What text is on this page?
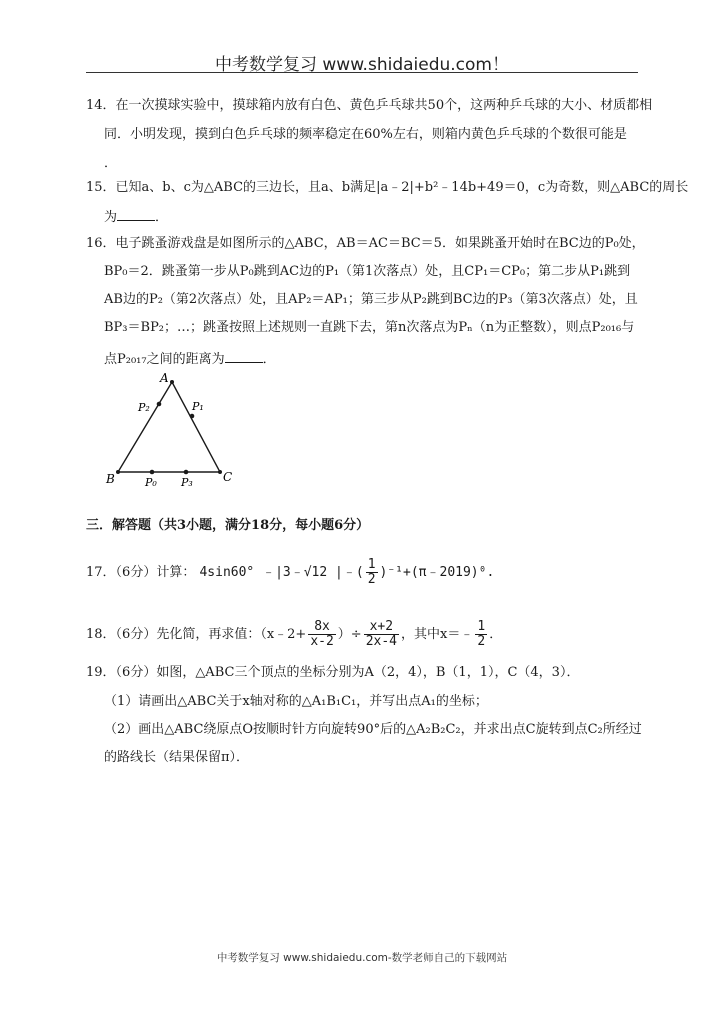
中考数学复习 www.shidaiedu.com！
14．在一次摸球实验中，摸球箱内放有白色、黄色乒乓球共50个，这两种乒乓球的大小、材质都相
同．小明发现，摸到白色乒乓球的频率稳定在60%左右，则箱内黄色乒乓球的个数很可能是
．
15．已知a、b、c为△ABC的三边长，且a、b满足|a﹣2|+b²﹣14b+49＝0，c为奇数，则△ABC的周长
为	．
16．电子跳蚤游戏盘是如图所示的△ABC，AB＝AC＝BC＝5．如果跳蚤开始时在BC边的P₀处，
BP₀＝2．跳蚤第一步从P₀跳到AC边的P₁（第1次落点）处，且CP₁＝CP₀；第二步从P₁跳到
AB边的P₂（第2次落点）处，且AP₂＝AP₁；第三步从P₂跳到BC边的P₃（第3次落点）处，且
BP₃＝BP₂；…；跳蚤按照上述规则一直跳下去，第n次落点为Pₙ（n为正整数），则点P₂₀₁₆与
点P₂₀₁₇之间的距离为	．
A
B	C
P₀ P₃
P₁
P₂
三．解答题（共3小题，满分18分，每小题6分）
17．（6分）计算： 4sin60° ﹣|3﹣√12 |﹣( $\frac{1}{2}$ )⁻¹+(π﹣2019)⁰.
18．（6分）先化简，再求值：（x﹣2+ $\frac{8x}{x-2}$ ）÷ $\frac{x+2}{2x-4}$ ，其中x＝﹣ $\frac{1}{2}$ ．
19．（6分）如图，△ABC三个顶点的坐标分别为A（2，4），B（1，1），C（4，3）．
（1）请画出△ABC关于x轴对称的△A₁B₁C₁，并写出点A₁的坐标；
（2）画出△ABC绕原点O按顺时针方向旋转90°后的△A₂B₂C₂，并求出点C旋转到点C₂所经过
的路线长（结果保留π）．
中考数学复习 www.shidaiedu.com-数学老师自己的下载网站
